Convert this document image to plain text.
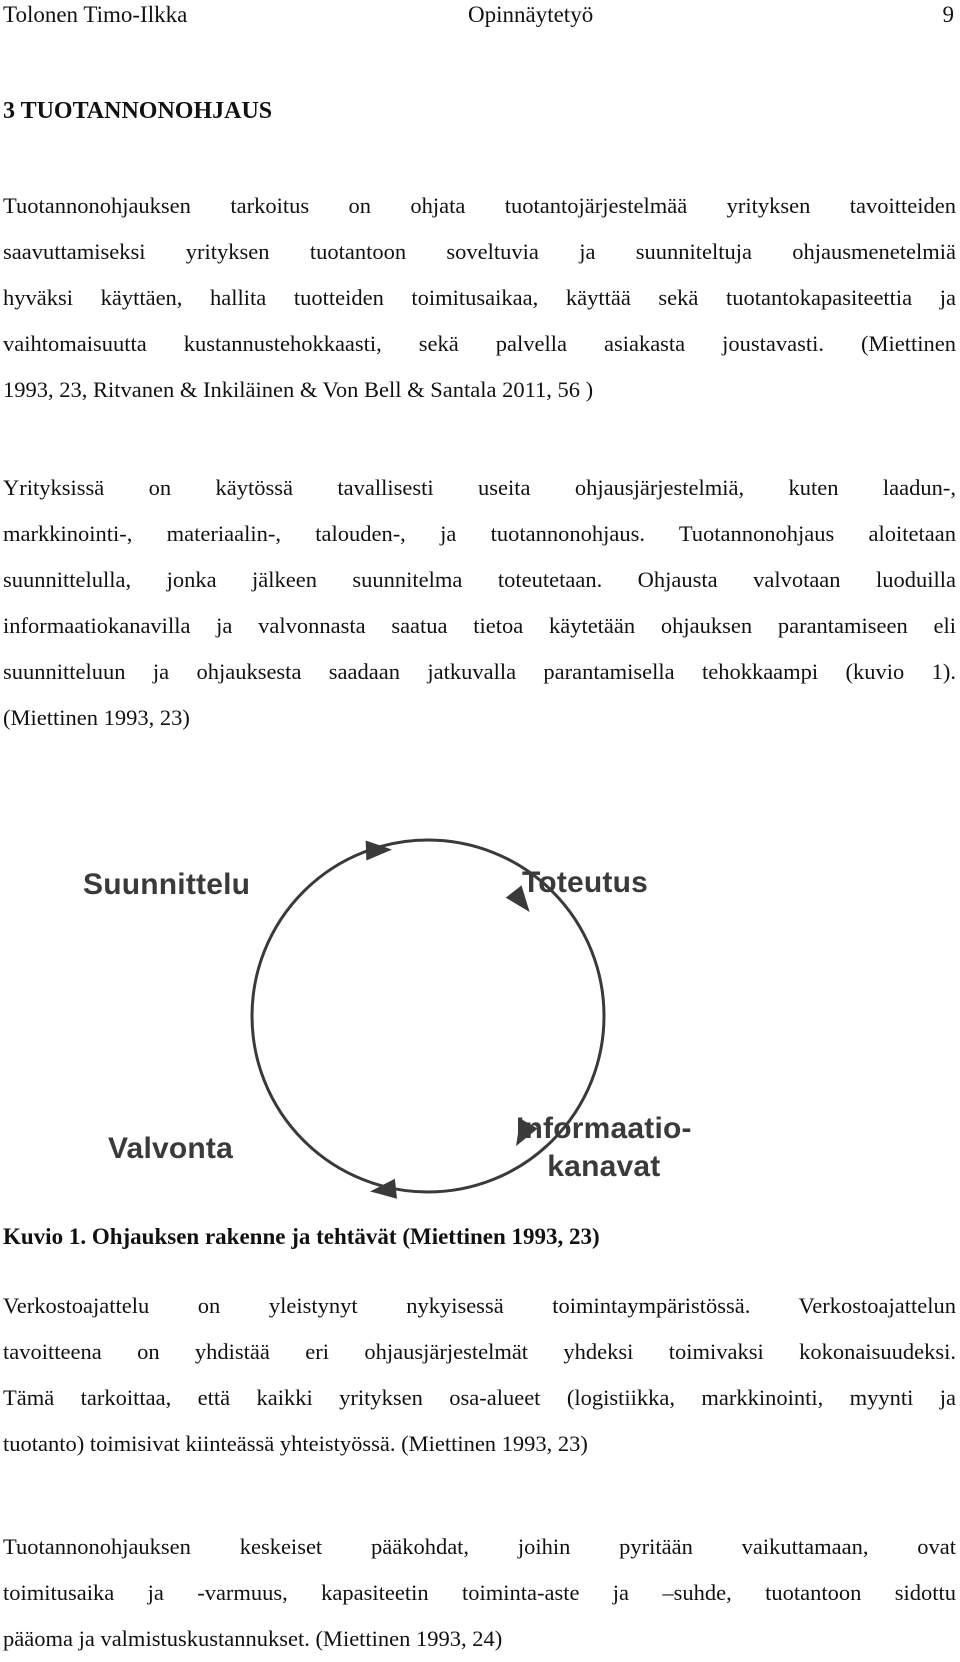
Tolonen Timo-Ilkka	Opinnäytetyö	9
3 TUOTANNONOHJAUS

Tuotannonohjauksen tarkoitus on ohjata tuotantojärjestelmää yrityksen tavoitteiden
saavuttamiseksi yrityksen tuotantoon soveltuvia ja suunniteltuja ohjausmenetelmiä
hyväksi käyttäen, hallita tuotteiden toimitusaikaa, käyttää sekä tuotantokapasiteettia ja
vaihtomaisuutta kustannustehokkaasti, sekä palvella asiakasta joustavasti. (Miettinen
1993, 23, Ritvanen & Inkiläinen & Von Bell & Santala 2011, 56 )

Yrityksissä on käytössä tavallisesti useita ohjausjärjestelmiä, kuten laadun-,
markkinointi-, materiaalin-, talouden-, ja tuotannonohjaus. Tuotannonohjaus aloitetaan
suunnittelulla, jonka jälkeen suunnitelma toteutetaan. Ohjausta valvotaan luoduilla
informaatiokanavilla ja valvonnasta saatua tietoa käytetään ohjauksen parantamiseen eli
suunnitteluun ja ohjauksesta saadaan jatkuvalla parantamisella tehokkaampi (kuvio 1).
(Miettinen 1993, 23)

Suunnittelu	Toteutus
Valvonta
Informaatio-
kanavat

Kuvio 1. Ohjauksen rakenne ja tehtävät (Miettinen 1993, 23)

Verkostoajattelu on yleistynyt nykyisessä toimintaympäristössä. Verkostoajattelun
tavoitteena on yhdistää eri ohjausjärjestelmät yhdeksi toimivaksi kokonaisuudeksi.
Tämä tarkoittaa, että kaikki yrityksen osa-alueet (logistiikka, markkinointi, myynti ja
tuotanto) toimisivat kiinteässä yhteistyössä. (Miettinen 1993, 23)

Tuotannonohjauksen keskeiset pääkohdat, joihin pyritään vaikuttamaan, ovat
toimitusaika ja -varmuus, kapasiteetin toiminta-aste ja –suhde, tuotantoon sidottu
pääoma ja valmistuskustannukset. (Miettinen 1993, 24)
